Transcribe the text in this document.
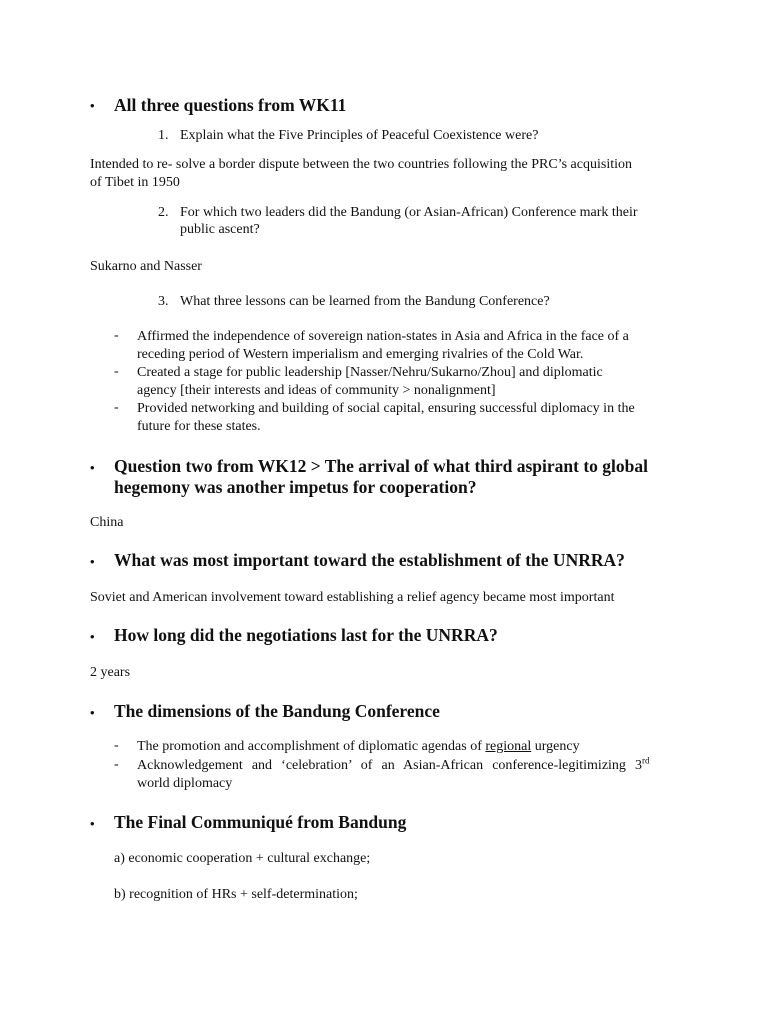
• All three questions from WK11
1. Explain what the Five Principles of Peaceful Coexistence were?
Intended to re- solve a border dispute between the two countries following the PRC’s acquisition
of Tibet in 1950
2. For which two leaders did the Bandung (or Asian-African) Conference mark their
public ascent?
Sukarno and Nasser
3. What three lessons can be learned from the Bandung Conference?
- Affirmed the independence of sovereign nation-states in Asia and Africa in the face of a
receding period of Western imperialism and emerging rivalries of the Cold War.
- Created a stage for public leadership [Nasser/Nehru/Sukarno/Zhou] and diplomatic
agency [their interests and ideas of community > nonalignment]
- Provided networking and building of social capital, ensuring successful diplomacy in the
future for these states.
• Question two from WK12 > The arrival of what third aspirant to global
hegemony was another impetus for cooperation?
China
• What was most important toward the establishment of the UNRRA?
Soviet and American involvement toward establishing a relief agency became most important
• How long did the negotiations last for the UNRRA?
2 years
• The dimensions of the Bandung Conference
- The promotion and accomplishment of diplomatic agendas of regional urgency
- Acknowledgement and ‘celebration’ of an Asian-African conference-legitimizing 3rd
world diplomacy
• The Final Communiqué from Bandung
a) economic cooperation + cultural exchange;
b) recognition of HRs + self-determination;
